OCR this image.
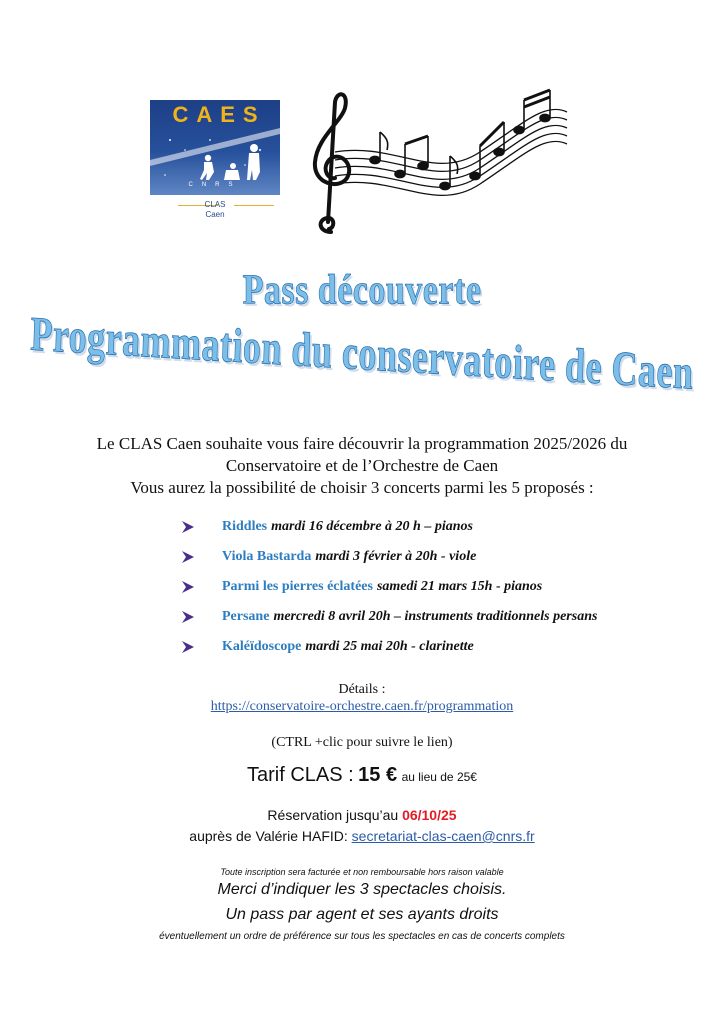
CAES
CNRS
CLAS
Caen
Pass découverte
Programmation du conservatoire de Caen
Le CLAS Caen souhaite vous faire découvrir la programmation 2025/2026 du
Conservatoire et de l’Orchestre de Caen
Vous aurez la possibilité de choisir 3 concerts parmi les 5 proposés :
Riddles mardi 16 décembre à 20 h – pianos
Viola Bastarda mardi 3 février à 20h - viole
Parmi les pierres éclatées samedi 21 mars 15h - pianos
Persane mercredi 8 avril 20h – instruments traditionnels persans
Kaléïdoscope mardi 25 mai 20h - clarinette
Détails :
https://conservatoire-orchestre.caen.fr/programmation
(CTRL +clic pour suivre le lien)
Tarif CLAS : 15 € au lieu de 25€
Réservation jusqu’au 06/10/25
auprès de Valérie HAFID: secretariat-clas-caen@cnrs.fr
Toute inscription sera facturée et non remboursable hors raison valable
Merci d’indiquer les 3 spectacles choisis.
Un pass par agent et ses ayants droits
éventuellement un ordre de préférence sur tous les spectacles en cas de concerts complets
